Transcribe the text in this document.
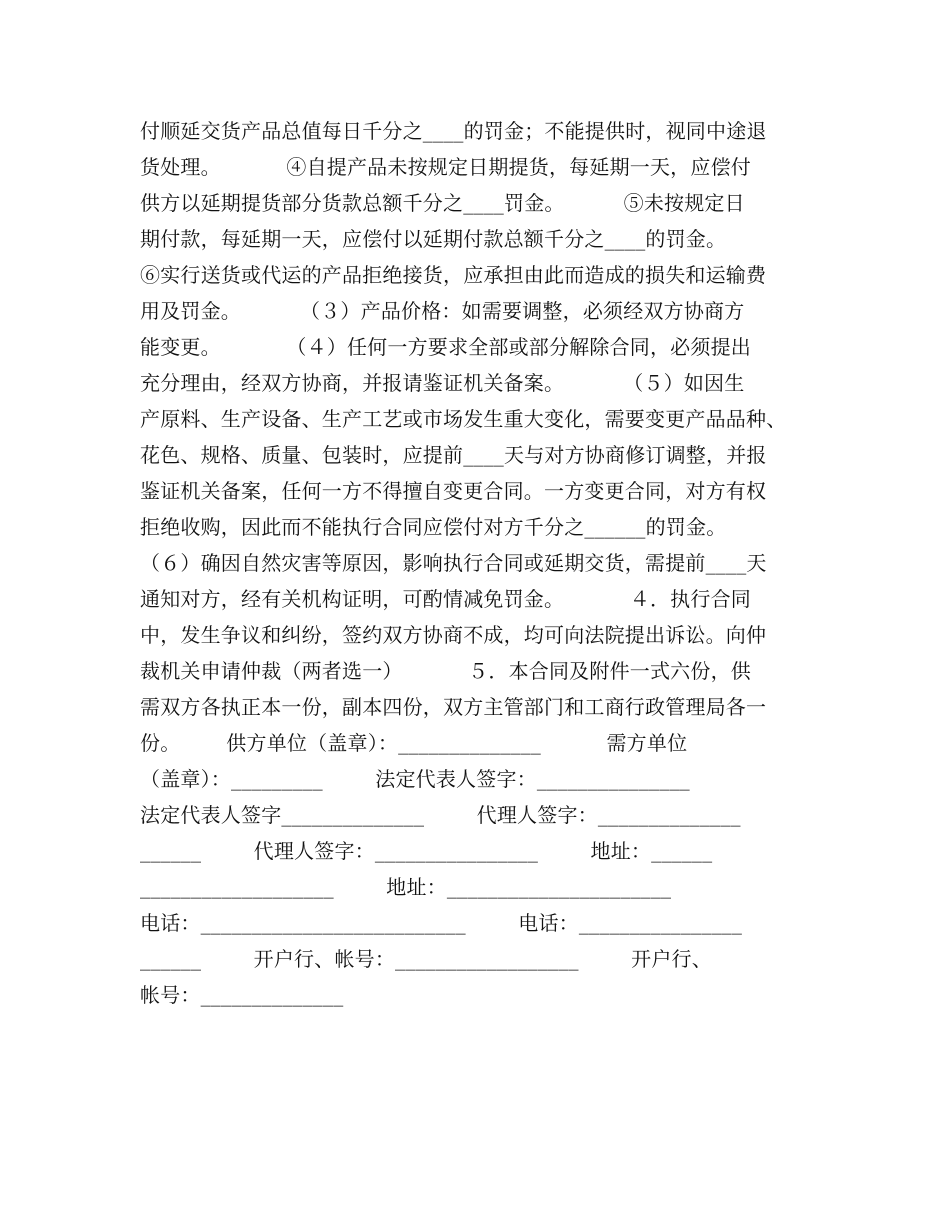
付顺延交货产品总值每日千分之____的罚金；不能提供时，视同中途退
货处理。          ④自提产品未按规定日期提货，每延期一天，应偿付
供方以延期提货部分货款总额千分之____罚金。         ⑤未按规定日
期付款，每延期一天，应偿付以延期付款总额千分之____的罚金。
⑥实行送货或代运的产品拒绝接货，应承担由此而造成的损失和运输费
用及罚金。         （３）产品价格：如需要调整，必须经双方协商方
能变更。          （４）任何一方要求全部或部分解除合同，必须提出
充分理由，经双方协商，并报请鉴证机关备案。         （５）如因生
产原料、生产设备、生产工艺或市场发生重大变化，需要变更产品品种、
花色、规格、质量、包装时，应提前____天与对方协商修订调整，并报
鉴证机关备案，任何一方不得擅自变更合同。一方变更合同，对方有权
拒绝收购，因此而不能执行合同应偿付对方千分之______的罚金。
（６）确因自然灾害等原因，影响执行合同或延期交货，需提前____天
通知对方，经有关机构证明，可酌情减免罚金。          ４．执行合同
中，发生争议和纠纷，签约双方协商不成，均可向法院提出诉讼。向仲
裁机关申请仲裁（两者选一）          ５．本合同及附件一式六份，供
需双方各执正本一份，副本四份，双方主管部门和工商行政管理局各一
份。       供方单位（盖章）：______________          需方单位
（盖章）：_________        法定代表人签字：_______________
法定代表人签字______________        代理人签字：______________
______        代理人签字：________________        地址：______
___________________        地址：______________________
电话：__________________________        电话：________________
______        开户行、帐号：__________________        开户行、
帐号：______________
